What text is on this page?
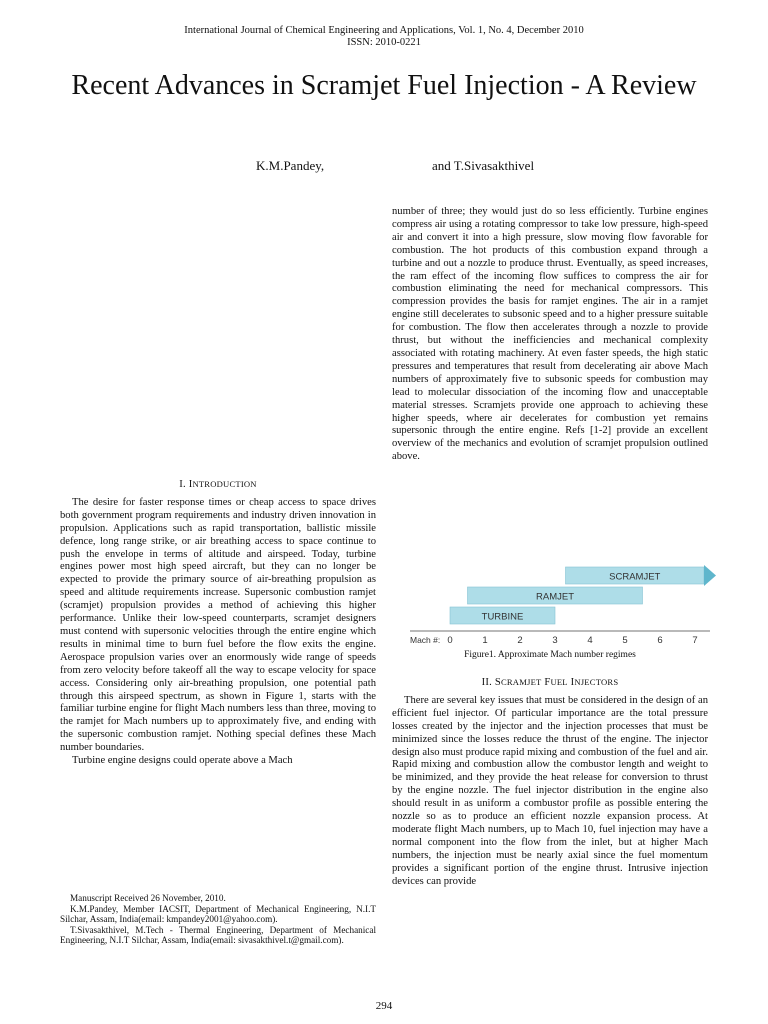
International Journal of Chemical Engineering and Applications, Vol. 1, No. 4, December 2010
ISSN: 2010-0221
Recent Advances in Scramjet Fuel Injection - A Review
K.M.Pandey,	and T.Sivasakthivel

number of three; they would just do so less efficiently. Turbine engines compress air using a rotating compressor to take low pressure, high-speed air and convert it into a high pressure, slow moving flow favorable for combustion. The hot products of this combustion expand through a turbine and out a nozzle to produce thrust. Eventually, as speed increases, the ram effect of the incoming flow suffices to compress the air for combustion eliminating the need for mechanical compressors. This compression provides the basis for ramjet engines. The air in a ramjet engine still decelerates to subsonic speed and to a higher pressure suitable for combustion. The flow then accelerates through a nozzle to provide thrust, but without the inefficiencies and mechanical complexity associated with rotating machinery. At even faster speeds, the high static pressures and temperatures that result from decelerating air above Mach numbers of approximately five to subsonic speeds for combustion may lead to molecular dissociation of the incoming flow and unacceptable material stresses. Scramjets provide one approach to achieving these higher speeds, where air decelerates for combustion yet remains supersonic through the entire engine. Refs [1-2] provide an excellent overview of the mechanics and evolution of scramjet propulsion outlined above.

I. INTRODUCTION

The desire for faster response times or cheap access to space drives both government program requirements and industry driven innovation in propulsion. Applications such as rapid transportation, ballistic missile defence, long range strike, or air breathing access to space continue to push the envelope in terms of altitude and airspeed. Today, turbine engines power most high speed aircraft, but they can no longer be expected to provide the primary source of air-breathing propulsion as speed and altitude requirements increase. Supersonic combustion ramjet (scramjet) propulsion provides a method of achieving this higher performance. Unlike their low-speed counterparts, scramjet designers must contend with supersonic velocities through the entire engine which results in minimal time to burn fuel before the flow exits the engine. Aerospace propulsion varies over an enormously wide range of speeds from zero velocity before takeoff all the way to escape velocity for space access. Considering only air-breathing propulsion, one potential path through this airspeed spectrum, as shown in Figure 1, starts with the familiar turbine engine for flight Mach numbers less than three, moving to the ramjet for Mach numbers up to approximately five, and ending with the supersonic combustion ramjet. Nothing special defines these Mach number boundaries.

Turbine engine designs could operate above a Mach

TURBINE
RAMJET
SCRAMJET
Mach #: 0	1	2	3	4	5	6	7
Figure1. Approximate Mach number regimes
II. SCRAMJET FUEL INJECTORS

There are several key issues that must be considered in the design of an efficient fuel injector. Of particular importance are the total pressure losses created by the injector and the injection processes that must be minimized since the losses reduce the thrust of the engine. The injector design also must produce rapid mixing and combustion of the fuel and air. Rapid mixing and combustion allow the combustor length and weight to be minimized, and they provide the heat release for conversion to thrust by the engine nozzle. The fuel injector distribution in the engine also should result in as uniform a combustor profile as possible entering the nozzle so as to produce an efficient nozzle expansion process. At moderate flight Mach numbers, up to Mach 10, fuel injection may have a normal component into the flow from the inlet, but at higher Mach numbers, the injection must be nearly axial since the fuel momentum provides a significant portion of the engine thrust. Intrusive injection devices can provide

Manuscript Received 26 November, 2010.

K.M.Pandey, Member IACSIT, Department of Mechanical Engineering, N.I.T Silchar, Assam, India(email: kmpandey2001@yahoo.com).

T.Sivasakthivel, M.Tech - Thermal Engineering, Department of Mechanical Engineering, N.I.T Silchar, Assam, India(email: sivasakthivel.t@gmail.com).

294
